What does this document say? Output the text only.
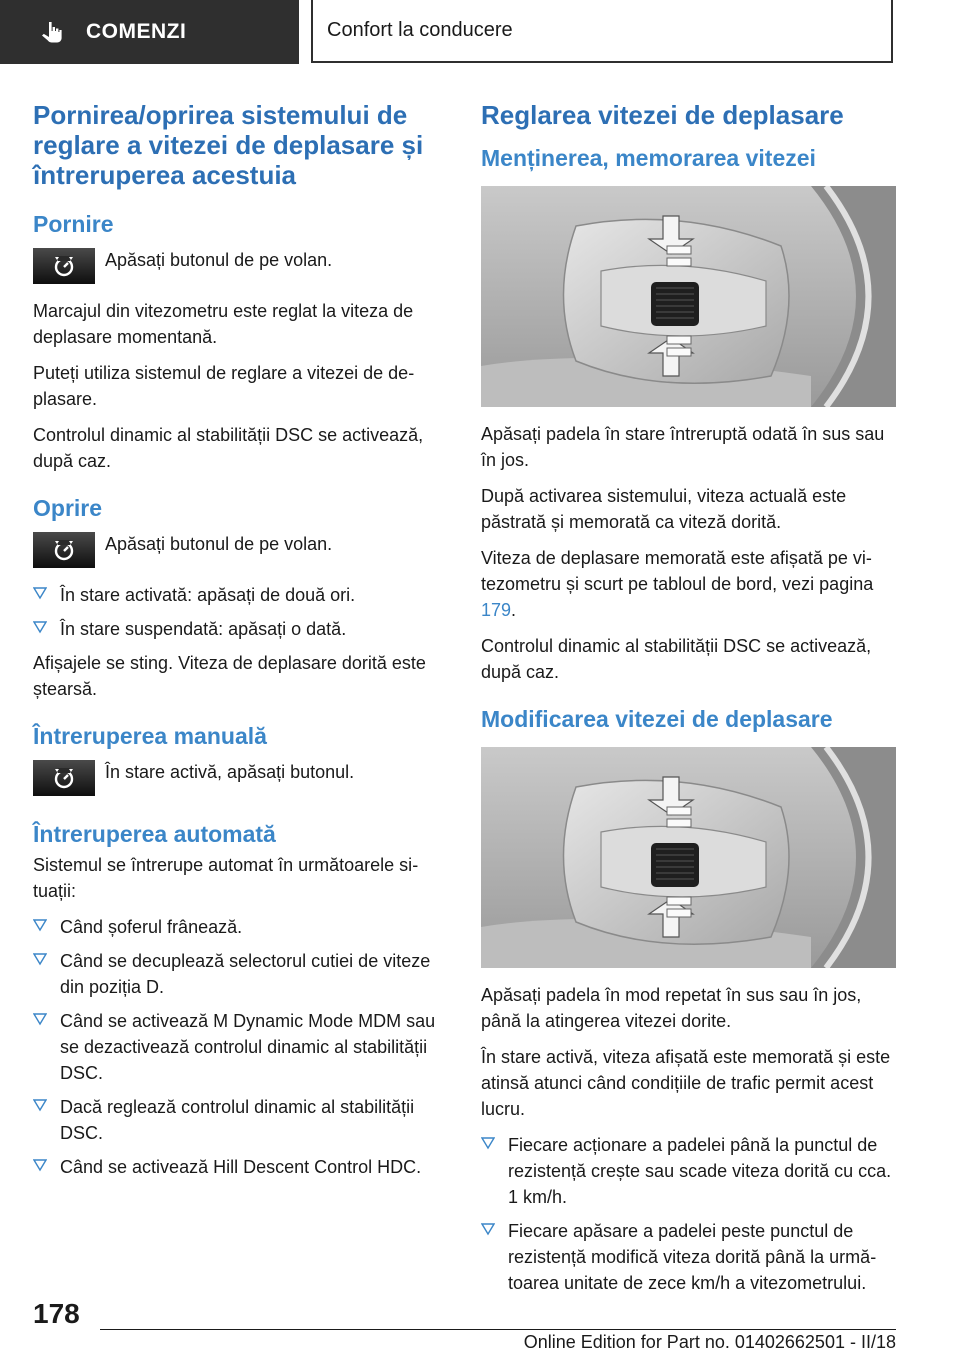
COMENZI	Confort la conducere
Pornirea/oprirea sistemului de reglare a vitezei de deplasare și întreruperea acestuia
Pornire
Apăsați butonul de pe volan.

Marcajul din vitezometru este reglat la viteza de deplasare momentană.

Puteți utiliza sistemul de reglare a vitezei de deplasare.

Controlul dinamic al stabilității DSC se activează, după caz.

Oprire
Apăsați butonul de pe volan.
În stare activată: apăsați de două ori.
În stare suspendată: apăsați o dată.

Afișajele se sting. Viteza de deplasare dorită este ștearsă.

Întreruperea manuală
În stare activă, apăsați butonul.
Întreruperea automată

Sistemul se întrerupe automat în următoarele situații:

Când șoferul frânează.
Când se decuplează selectorul cutiei de viteze din poziția D.
Când se activează M Dynamic Mode MDM sau se dezactivează controlul dinamic al stabilității DSC.
Dacă reglează controlul dinamic al stabilității DSC.
Când se activează Hill Descent Control HDC.
Reglarea vitezei de deplasare
Menținerea, memorarea vitezei

Apăsați padela în stare întreruptă odată în sus sau în jos.

După activarea sistemului, viteza actuală este păstrată și memorată ca viteză dorită.

Viteza de deplasare memorată este afișată pe vitezometru și scurt pe tabloul de bord, vezi pagina 179.

Controlul dinamic al stabilității DSC se activează, după caz.

Modificarea vitezei de deplasare

Apăsați padela în mod repetat în sus sau în jos, până la atingerea vitezei dorite.

În stare activă, viteza afișată este memorată și este atinsă atunci când condițiile de trafic permit acest lucru.

Fiecare acționare a padelei până la punctul de rezistență crește sau scade viteza dorită cu cca. 1 km/h.
Fiecare apăsare a padelei peste punctul de rezistență modifică viteza dorită până la următoarea unitate de zece km/h a vitezometrului.
178
Online Edition for Part no. 01402662501 - II/18
